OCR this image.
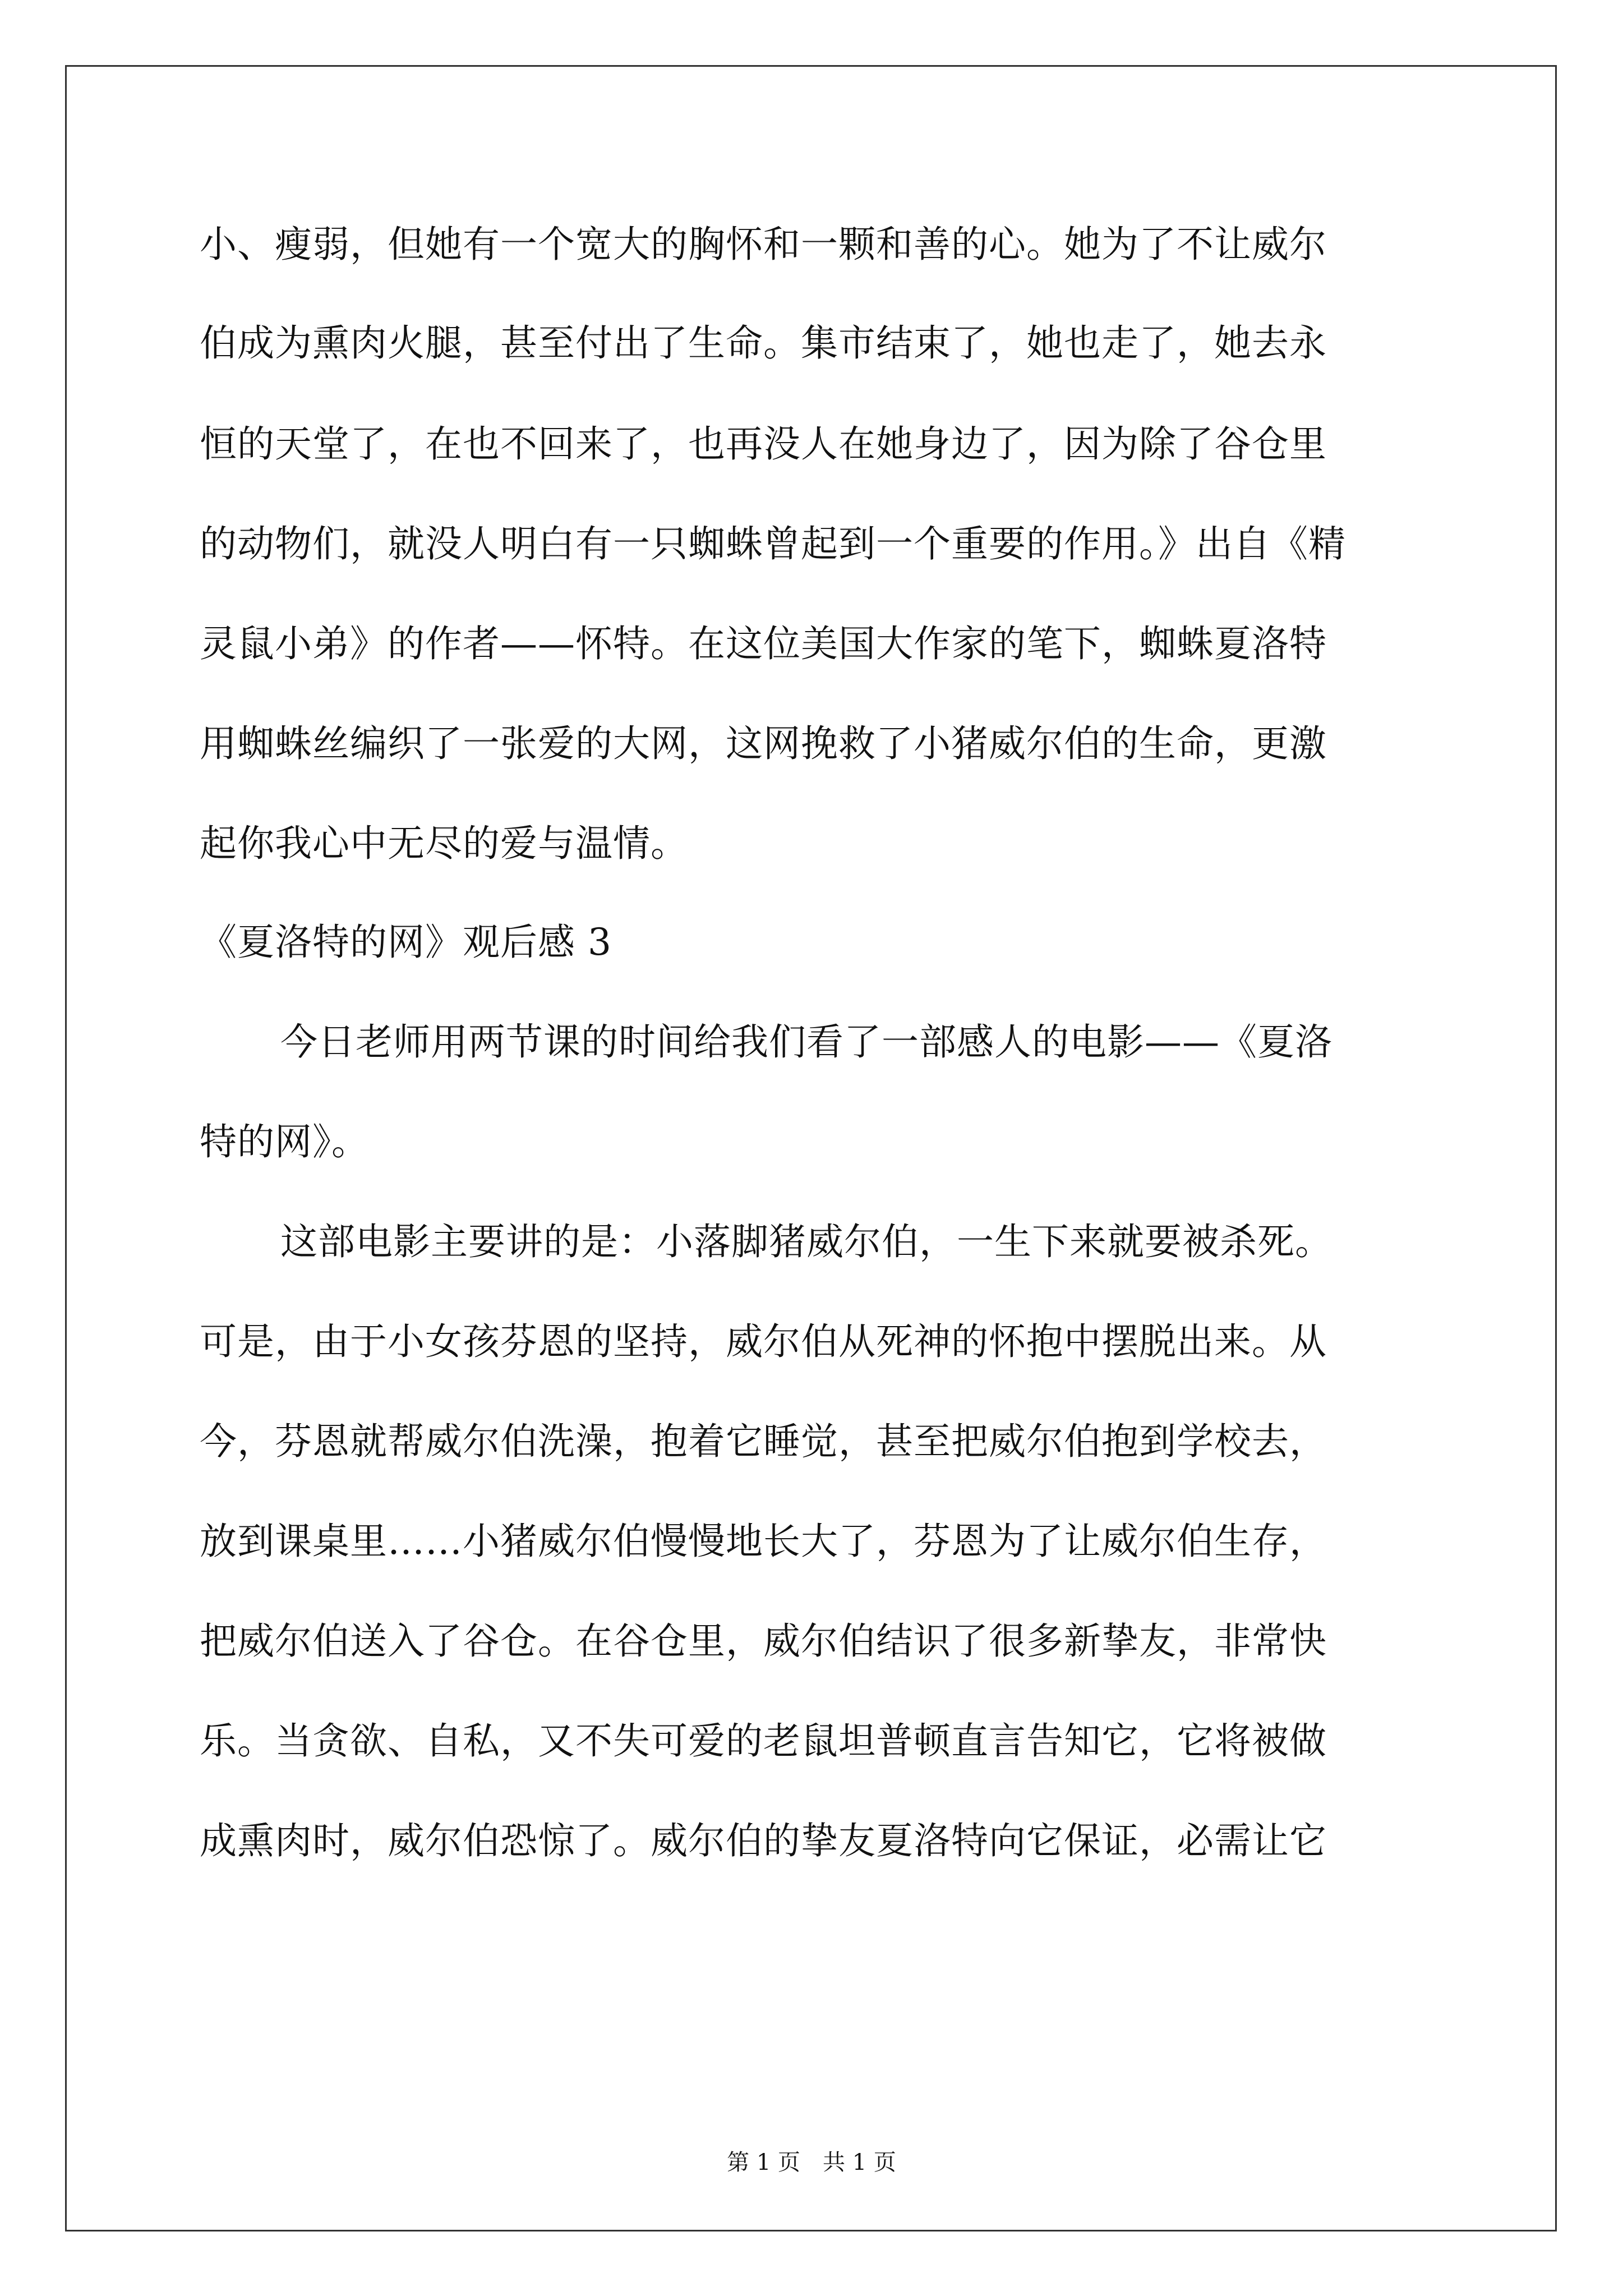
小、瘦弱，但她有一个宽大的胸怀和一颗和善的心。她为了不让威尔
伯成为熏肉火腿，甚至付出了生命。集市结束了，她也走了，她去永
恒的天堂了，在也不回来了，也再没人在她身边了，因为除了谷仓里
的动物们，就没人明白有一只蜘蛛曾起到一个重要的作用。》出自《精
灵鼠小弟》的作者——怀特。在这位美国大作家的笔下，蜘蛛夏洛特
用蜘蛛丝编织了一张爱的大网，这网挽救了小猪威尔伯的生命，更激
起你我心中无尽的爱与温情。
《夏洛特的网》观后感 3
今日老师用两节课的时间给我们看了一部感人的电影——《夏洛
特的网》。
这部电影主要讲的是：小落脚猪威尔伯，一生下来就要被杀死。
可是，由于小女孩芬恩的坚持，威尔伯从死神的怀抱中摆脱出来。从
今，芬恩就帮威尔伯洗澡，抱着它睡觉，甚至把威尔伯抱到学校去，
放到课桌里……小猪威尔伯慢慢地长大了，芬恩为了让威尔伯生存，
把威尔伯送入了谷仓。在谷仓里，威尔伯结识了很多新挚友，非常快
乐。当贪欲、自私，又不失可爱的老鼠坦普顿直言告知它，它将被做
成熏肉时，威尔伯恐惊了。威尔伯的挚友夏洛特向它保证，必需让它
第 1 页　共 1 页
